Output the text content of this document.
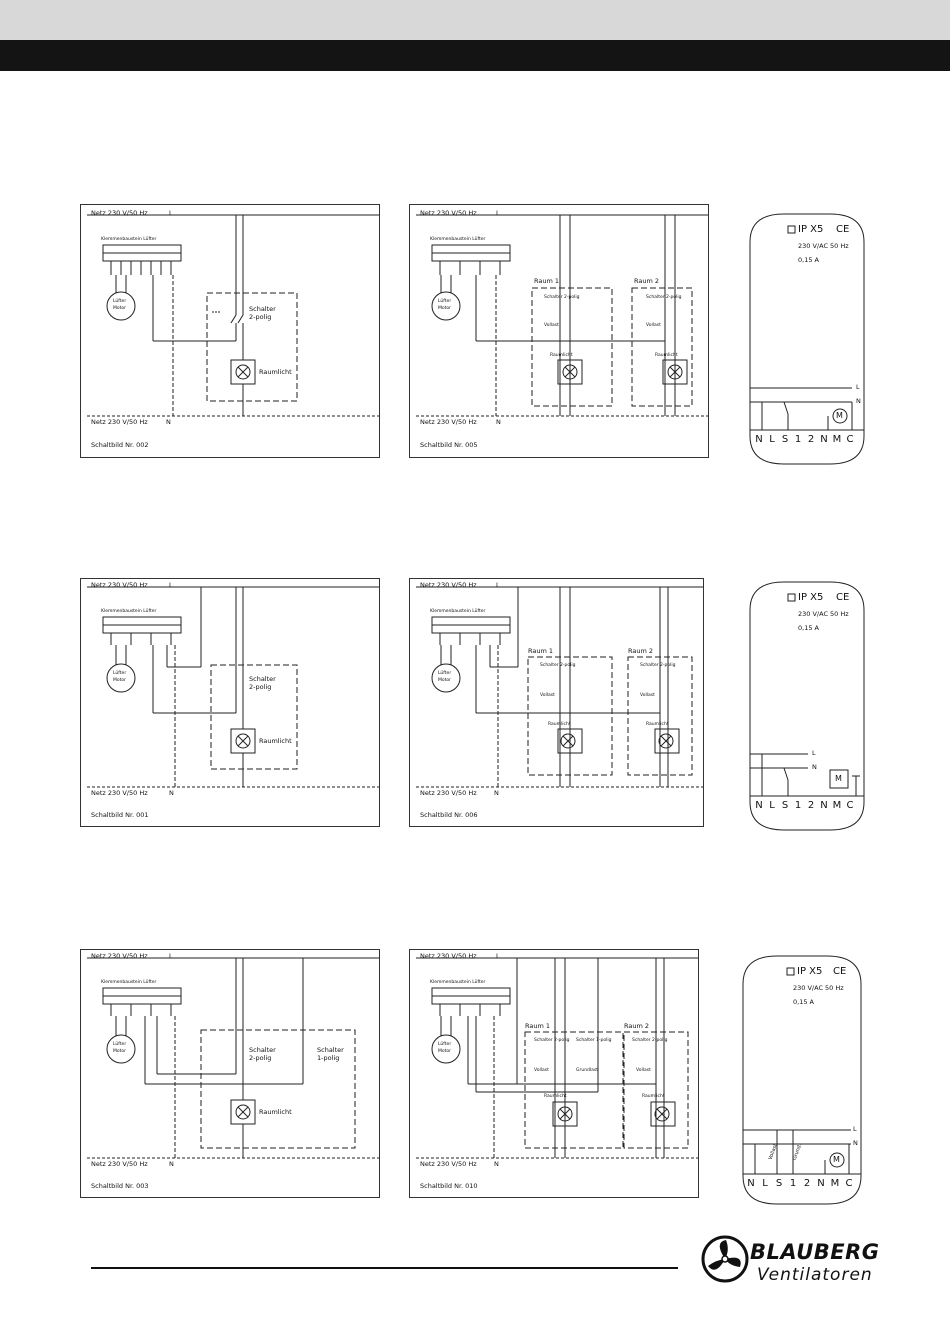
Netz 230 V/50 Hz	L
Klemmenbaustein Lüfter
Lüfter
Motor	Schalter
2-polig
Raumlicht
Netz 230 V/50 Hz	N
Schaltbild Nr. 002
Netz 230 V/50 Hz	L
Klemmenbaustein Lüfter
Lüfter
Motor
Raum 1	Raum 2
Schalter 2-polig	Schalter 2-polig
Vollast	Vollast
Raumlicht	Raumlicht
Netz 230 V/50 Hz	N
Schaltbild Nr. 005
IP X5 CE
230 V/AC 50 Hz
0,15 A
L
N
M
N L S 1 2 N M C
Netz 230 V/50 Hz	L
Klemmenbaustein Lüfter
Lüfter
Motor	Schalter
2-polig
Raumlicht
Netz 230 V/50 Hz	N
Schaltbild Nr. 001
Netz 230 V/50 Hz	L
Klemmenbaustein Lüfter
Lüfter
Motor
Raum 1	Raum 2
Schalter 2-polig	Schalter 2-polig
Vollast	Vollast
Raumlicht	Raumlicht
Netz 230 V/50 Hz	N
Schaltbild Nr. 006
IP X5 CE
230 V/AC 50 Hz
0,15 A
L
N
M
N L S 1 2 N M C
Netz 230 V/50 Hz	L
Klemmenbaustein Lüfter
Lüfter
Motor	Schalter
2-polig
Schalter
1-polig
Raumlicht
Netz 230 V/50 Hz	N
Schaltbild Nr. 003
Netz 230 V/50 Hz	L
Klemmenbaustein Lüfter
Lüfter
Motor
Raum 1	Raum 2
Schalter 2-polig Schalter 1-polig	Schalter 2-polig
Vollast	Grundlast	Vollast
Raumlicht	Raumlicht
Netz 230 V/50 Hz	N
Schaltbild Nr. 010
IP X5 CE
230 V/AC 50 Hz
0,15 A
L
N
Vollast	Grund.	M
N L S 1 2 N M C
BLAUBERG
Ventilatoren
